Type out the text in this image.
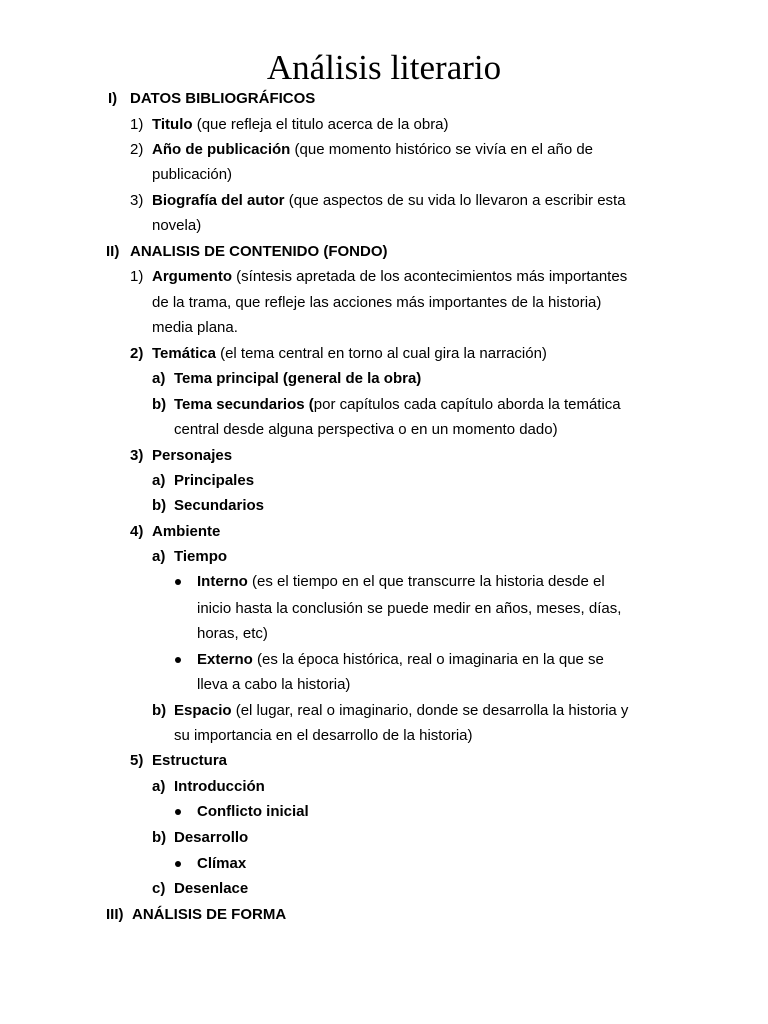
Análisis literario
I) DATOS BIBLIOGRÁFICOS
1) Titulo (que refleja el titulo acerca de la obra)
2) Año de publicación (que momento histórico se vivía en el año de
publicación)
3) Biografía del autor (que aspectos de su vida lo llevaron a escribir esta
novela)
II) ANALISIS DE CONTENIDO (FONDO)
1) Argumento (síntesis apretada de los acontecimientos más importantes
de la trama, que refleje las acciones más importantes de la historia)
media plana.
2) Temática (el tema central en torno al cual gira la narración)
a) Tema principal (general de la obra)
b) Tema secundarios (por capítulos cada capítulo aborda la temática
central desde alguna perspectiva o en un momento dado)
3) Personajes
a) Principales
b) Secundarios
4) Ambiente
a) Tiempo
Interno (es el tiempo en el que transcurre la historia desde el
inicio hasta la conclusión se puede medir en años, meses, días,
horas, etc)
Externo (es la época histórica, real o imaginaria en la que se
lleva a cabo la historia)
b) Espacio (el lugar, real o imaginario, donde se desarrolla la historia y
su importancia en el desarrollo de la historia)
5) Estructura
a) Introducción
Conflicto inicial
b) Desarrollo
Clímax
c) Desenlace
III) ANÁLISIS DE FORMA
